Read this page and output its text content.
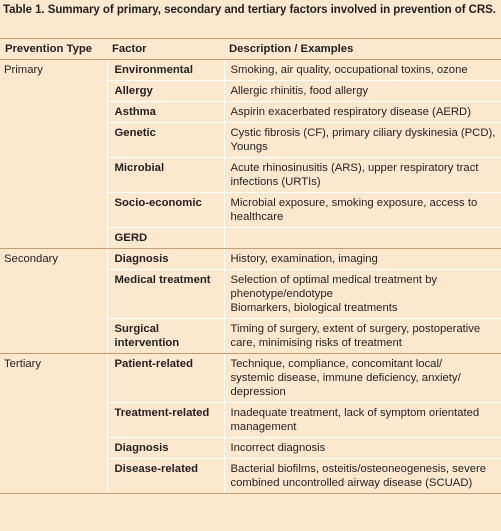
Table 1. Summary of primary, secondary and tertiary factors involved in prevention of CRS.
Prevention Type	Factor	Description / Examples
Primary	Environmental	Smoking, air quality, occupational toxins, ozone

	Allergy	Allergic rhinitis, food allergy

	Asthma	Aspirin exacerbated respiratory disease (AERD)

	Genetic	Cystic fibrosis (CF), primary ciliary dyskinesia (PCD),
Youngs

	Microbial	Acute rhinosinusitis (ARS), upper respiratory tract
infections (URTIs)

	Socio-economic	Microbial exposure, smoking exposure, access to
healthcare

	GERD	

Secondary	Diagnosis	History, examination, imaging

	Medical treatment	Selection of optimal medical treatment by
phenotype/endotype
Biomarkers, biological treatments

	Surgical
intervention	Timing of surgery, extent of surgery, postoperative
care, minimising risks of treatment

Tertiary	Patient-related	Technique, compliance, concomitant local/
systemic disease, immune deficiency, anxiety/
depression

	Treatment-related	Inadequate treatment, lack of symptom orientated
management

	Diagnosis	Incorrect diagnosis

	Disease-related	Bacterial biofilms, osteitis/osteoneogenesis, severe
combined uncontrolled airway disease (SCUAD)
